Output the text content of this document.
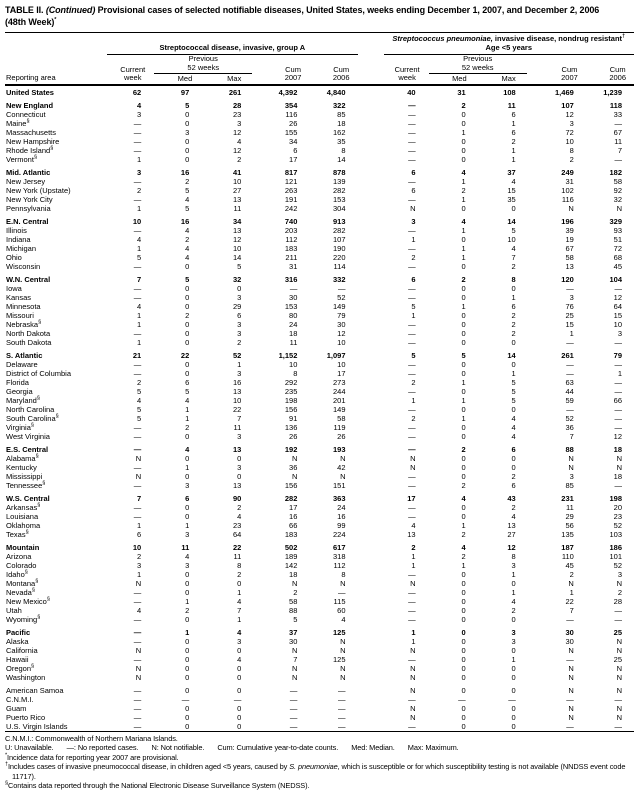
TABLE II. (Continued) Provisional cases of selected notifiable diseases, United States, weeks ending December 1, 2007, and December 2, 2006
(48th Week)*

	Streptococcal disease, invasive, group A						Streptococcus pneumoniae, invasive disease, nondrug resistant†
Age <5 years				

Reporting area	Current
week	
Previous
52 weeks
Med	Max
	Cum
2007	Cum
2006		Current
week	
Previous
52 weeks
Med	Max
	Cum
2007	Cum
2006
United States	62	97	261	4,392	4,840		40	31	108	1,469	1,239

New England	4	5	28	354	322		—	2	11	107	118
Connecticut	3	0	23	116	85		—	0	6	12	33
Maine§	—	0	3	26	18		—	0	1	3	—
Massachusetts	—	3	12	155	162		—	1	6	72	67
New Hampshire	—	0	4	34	35		—	0	2	10	11
Rhode Island§	—	0	12	6	8		—	0	1	8	7
Vermont§	1	0	2	17	14		—	0	1	2	—

Mid. Atlantic	3	16	41	817	878		6	4	37	249	182
New Jersey	—	2	10	121	139		—	1	4	31	58
New York (Upstate)	2	5	27	263	282		6	2	15	102	92
New York City	—	4	13	191	153		—	1	35	116	32
Pennsylvania	1	5	11	242	304		N	0	0	N	N

E.N. Central	10	16	34	740	913		3	4	14	196	329
Illinois	—	4	13	203	282		—	1	5	39	93
Indiana	4	2	12	112	107		1	0	10	19	51
Michigan	1	4	10	183	190		—	1	4	67	72
Ohio	5	4	14	211	220		2	1	7	58	68
Wisconsin	—	0	5	31	114		—	0	2	13	45

W.N. Central	7	5	32	316	332		6	2	8	120	104
Iowa	—	0	0	—	—		—	0	0	—	—
Kansas	—	0	3	30	52		—	0	1	3	12
Minnesota	4	0	29	153	149		5	1	6	76	64
Missouri	1	2	6	80	79		1	0	2	25	15
Nebraska§	1	0	3	24	30		—	0	2	15	10
North Dakota	—	0	3	18	12		—	0	2	1	3
South Dakota	1	0	2	11	10		—	0	0	—	—

S. Atlantic	21	22	52	1,152	1,097		5	5	14	261	79
Delaware	—	0	1	10	10		—	0	0	—	—
District of Columbia	—	0	3	8	17		—	0	1	—	1
Florida	2	6	16	292	273		2	1	5	63	—
Georgia	5	5	13	235	244		—	0	5	44	—
Maryland§	4	4	10	198	201		1	1	5	59	66
North Carolina	5	1	22	156	149		—	0	0	—	—
South Carolina§	5	1	7	91	58		2	1	4	52	—
Virginia§	—	2	11	136	119		—	0	4	36	—
West Virginia	—	0	3	26	26		—	0	4	7	12

E.S. Central	—	4	13	192	193		—	2	6	88	18
Alabama§	N	0	0	N	N		N	0	0	N	N
Kentucky	—	1	3	36	42		N	0	0	N	N
Mississippi	N	0	0	N	N		—	0	2	3	18
Tennessee§	—	3	13	156	151		—	2	6	85	—

W.S. Central	7	6	90	282	363		17	4	43	231	198
Arkansas§	—	0	2	17	24		—	0	2	11	20
Louisiana	—	0	4	16	16		—	0	4	29	23
Oklahoma	1	1	23	66	99		4	1	13	56	52
Texas§	6	3	64	183	224		13	2	27	135	103

Mountain	10	11	22	502	617		2	4	12	187	186
Arizona	2	4	11	189	318		1	2	8	110	101
Colorado	3	3	8	142	112		1	1	3	45	52
Idaho§	1	0	2	18	8		—	0	1	2	3
Montana§	N	0	0	N	N		N	0	0	N	N
Nevada§	—	0	1	2	—		—	0	1	1	2
New Mexico§	—	1	4	58	115		—	0	4	22	28
Utah	4	2	7	88	60		—	0	2	7	—
Wyoming§	—	0	1	5	4		—	0	0	—	—

Pacific	—	1	4	37	125		1	0	3	30	25
Alaska	—	0	3	30	N		1	0	3	30	N
California	N	0	0	N	N		N	0	0	N	N
Hawaii	—	0	4	7	125		—	0	1	—	25
Oregon§	N	0	0	N	N		N	0	0	N	N
Washington	N	0	0	N	N		N	0	0	N	N

American Samoa	—	0	0	—	—		N	0	0	N	N
C.N.M.I.	—	—	—	—	—		—	—	—	—	—
Guam	—	0	0	—	—		N	0	0	N	N
Puerto Rico	—	0	0	—	—		N	0	0	N	N
U.S. Virgin Islands	—	0	0	—	—		—	0	0	—	—
C.N.M.I.: Commonwealth of Northern Mariana Islands.
U: Unavailable. —: No reported cases. N: Not notifiable. Cum: Cumulative year-to-date counts. Med: Median. Max: Maximum.
*Incidence data for reporting year 2007 are provisional.
†Includes cases of invasive pneumococcal disease, in children aged <5 years, caused by S. pneumoniae, which is susceptible or for which susceptibility testing is not available (NNDSS event code 11717).
§Contains data reported through the National Electronic Disease Surveillance System (NEDSS).
